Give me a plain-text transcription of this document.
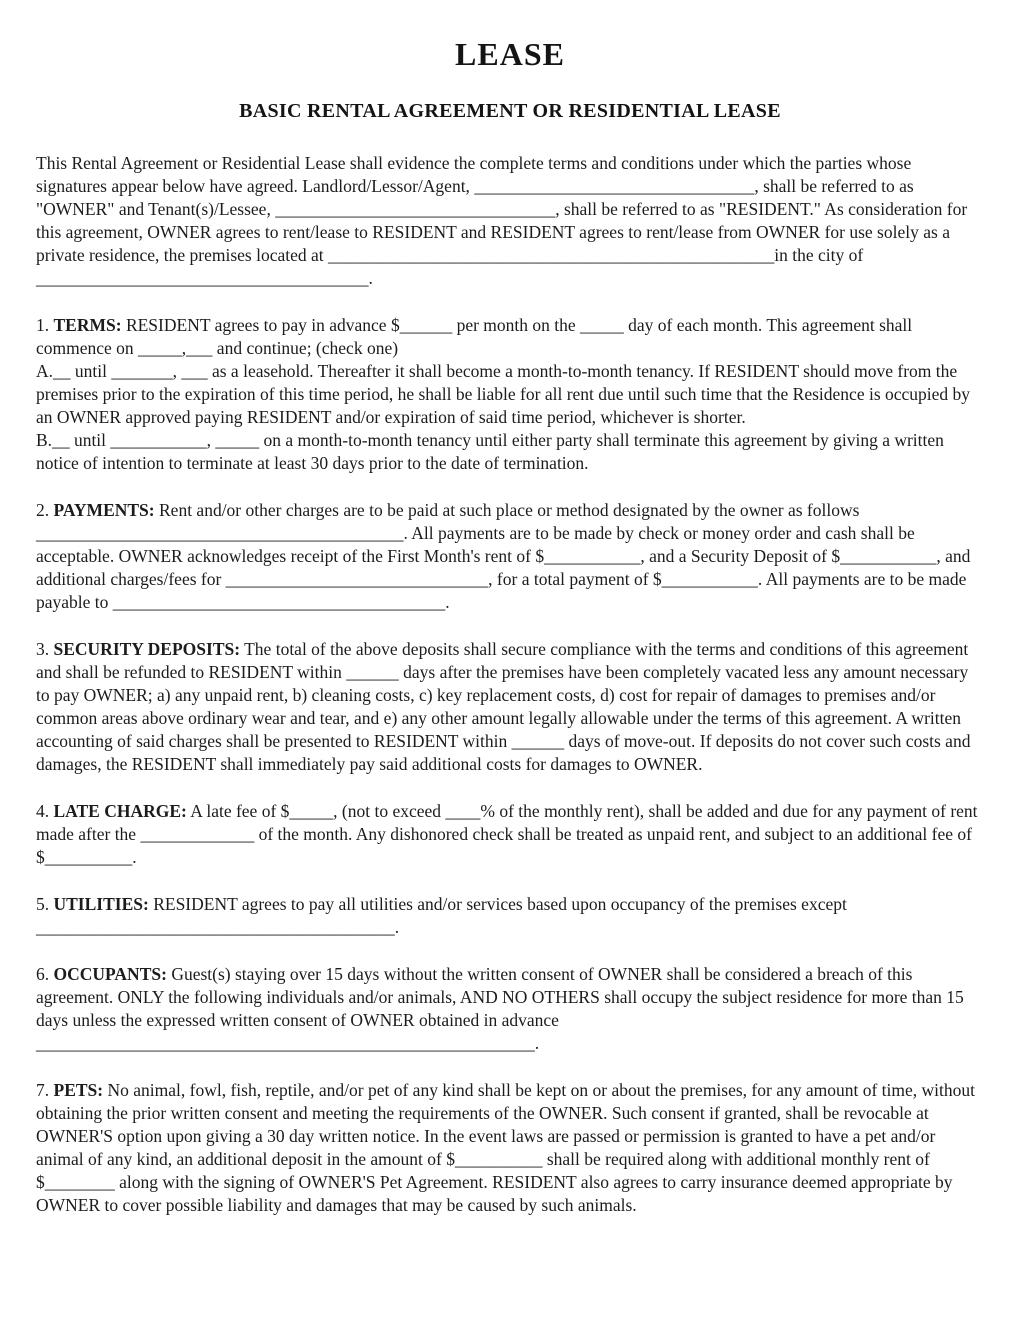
LEASE
BASIC RENTAL AGREEMENT OR RESIDENTIAL LEASE

This Rental Agreement or Residential Lease shall evidence the complete terms and conditions under which the parties whose signatures appear below have agreed. Landlord/Lessor/Agent, ________________________________, shall be referred to as "OWNER" and Tenant(s)/Lessee, ________________________________, shall be referred to as "RESIDENT." As consideration for this agreement, OWNER agrees to rent/lease to RESIDENT and RESIDENT agrees to rent/lease from OWNER for use solely as a private residence, the premises located at ___________________________________________________in the city of ______________________________________.

1. TERMS: RESIDENT agrees to pay in advance $______ per month on the _____ day of each month. This agreement shall commence on _____,___ and continue; (check one)
A.__ until _______, ___ as a leasehold. Thereafter it shall become a month-to-month tenancy. If RESIDENT should move from the premises prior to the expiration of this time period, he shall be liable for all rent due until such time that the Residence is occupied by an OWNER approved paying RESIDENT and/or expiration of said time period, whichever is shorter.
B.__ until ___________, _____ on a month-to-month tenancy until either party shall terminate this agreement by giving a written notice of intention to terminate at least 30 days prior to the date of termination.

2. PAYMENTS: Rent and/or other charges are to be paid at such place or method designated by the owner as follows __________________________________________. All payments are to be made by check or money order and cash shall be acceptable. OWNER acknowledges receipt of the First Month's rent of $___________, and a Security Deposit of $___________, and additional charges/fees for ______________________________, for a total payment of $___________. All payments are to be made payable to ______________________________________.

3. SECURITY DEPOSITS: The total of the above deposits shall secure compliance with the terms and conditions of this agreement and shall be refunded to RESIDENT within ______ days after the premises have been completely vacated less any amount necessary to pay OWNER; a) any unpaid rent, b) cleaning costs, c) key replacement costs, d) cost for repair of damages to premises and/or common areas above ordinary wear and tear, and e) any other amount legally allowable under the terms of this agreement. A written accounting of said charges shall be presented to RESIDENT within ______ days of move-out. If deposits do not cover such costs and damages, the RESIDENT shall immediately pay said additional costs for damages to OWNER.

4. LATE CHARGE: A late fee of $_____, (not to exceed ____% of the monthly rent), shall be added and due for any payment of rent made after the _____________ of the month. Any dishonored check shall be treated as unpaid rent, and subject to an additional fee of $__________.

5. UTILITIES: RESIDENT agrees to pay all utilities and/or services based upon occupancy of the premises except
_________________________________________.

6. OCCUPANTS: Guest(s) staying over 15 days without the written consent of OWNER shall be considered a breach of this agreement. ONLY the following individuals and/or animals, AND NO OTHERS shall occupy the subject residence for more than 15 days unless the expressed written consent of OWNER obtained in advance
_________________________________________________________.

7. PETS: No animal, fowl, fish, reptile, and/or pet of any kind shall be kept on or about the premises, for any amount of time, without obtaining the prior written consent and meeting the requirements of the OWNER. Such consent if granted, shall be revocable at OWNER'S option upon giving a 30 day written notice. In the event laws are passed or permission is granted to have a pet and/or animal of any kind, an additional deposit in the amount of $__________ shall be required along with additional monthly rent of $________ along with the signing of OWNER'S Pet Agreement. RESIDENT also agrees to carry insurance deemed appropriate by OWNER to cover possible liability and damages that may be caused by such animals.
